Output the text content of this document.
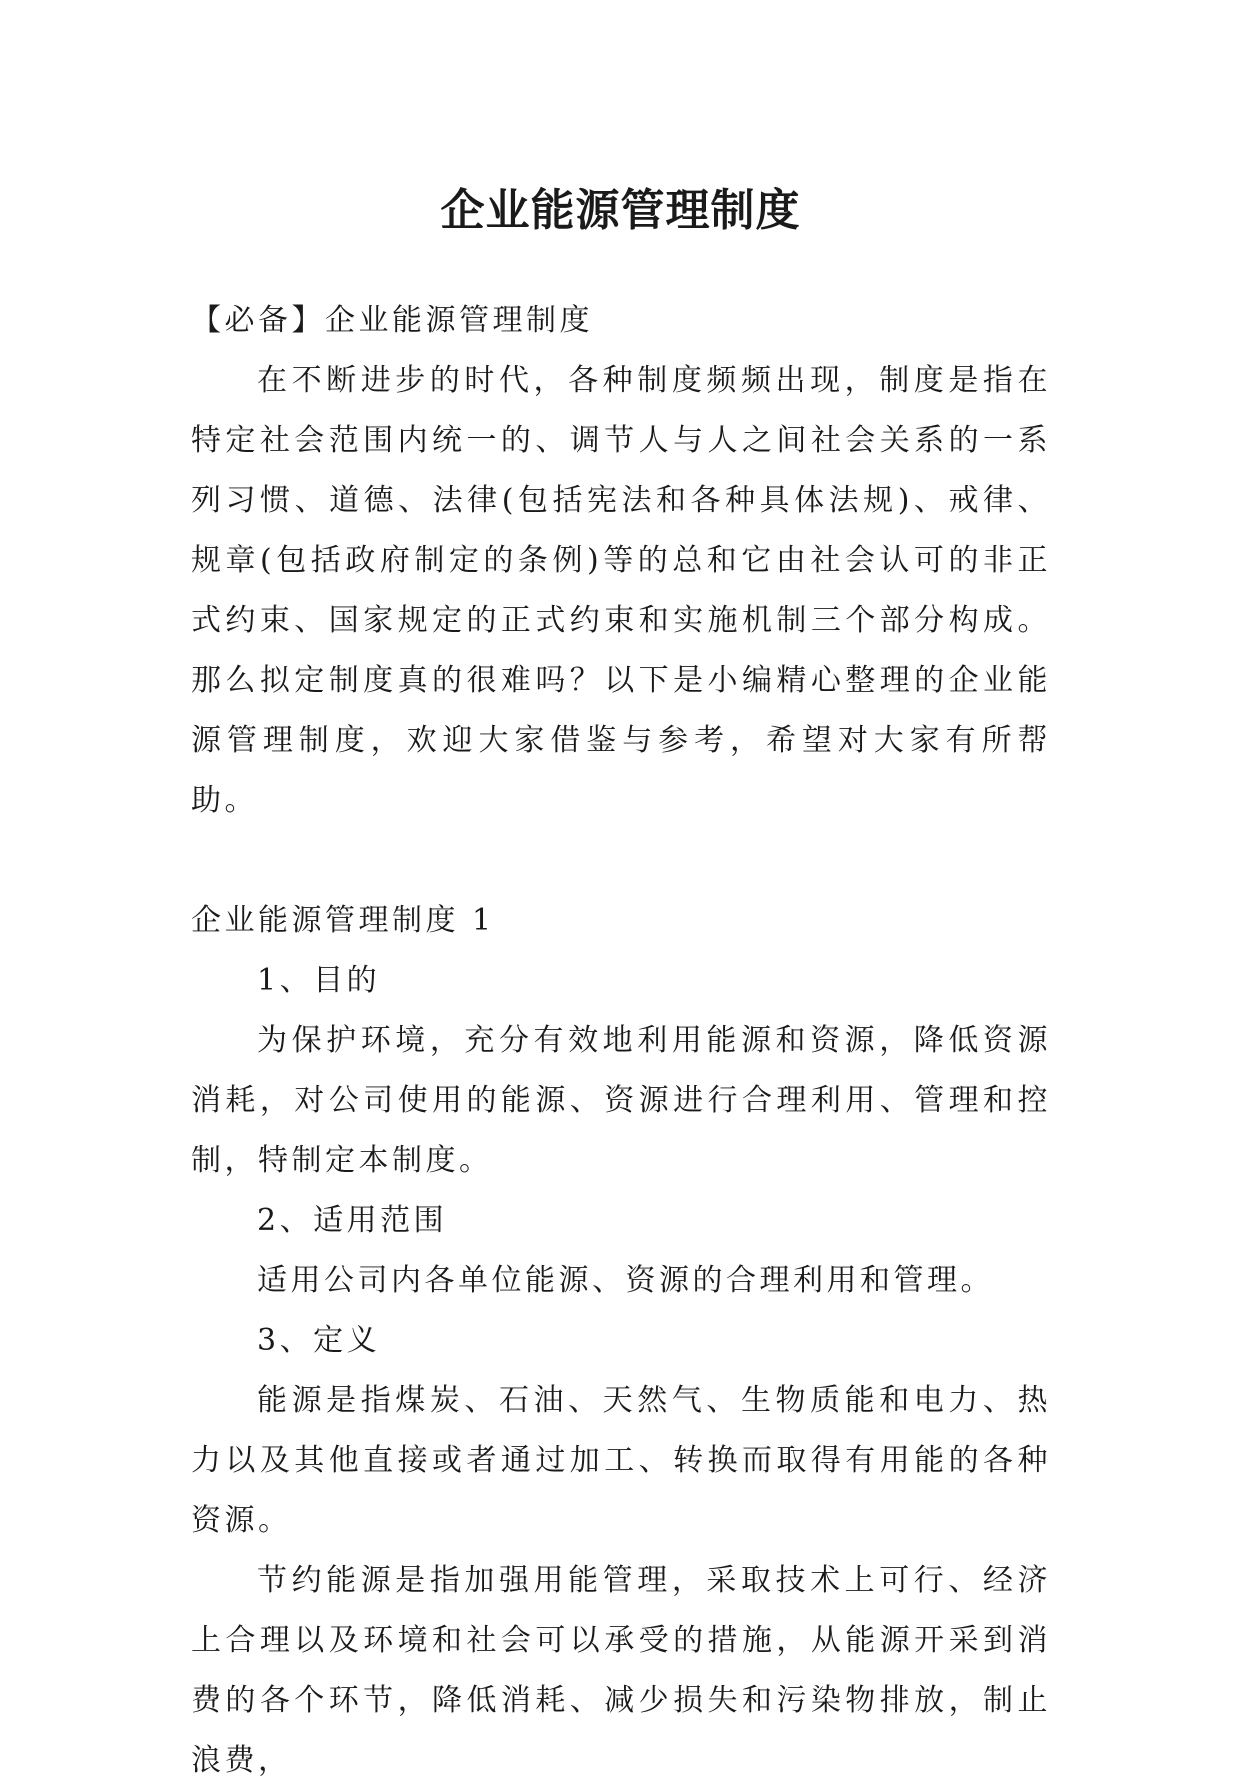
企业能源管理制度

【必备】企业能源管理制度

在不断进步的时代，各种制度频频出现，制度是指在特定社会范围内统一的、调节人与人之间社会关系的一系列习惯、道德、法律(包括宪法和各种具体法规)、戒律、规章(包括政府制定的条例)等的总和它由社会认可的非正式约束、国家规定的正式约束和实施机制三个部分构成。那么拟定制度真的很难吗？以下是小编精心整理的企业能源管理制度，欢迎大家借鉴与参考，希望对大家有所帮助。

企业能源管理制度 1

1、目的

为保护环境，充分有效地利用能源和资源，降低资源消耗，对公司使用的能源、资源进行合理利用、管理和控制，特制定本制度。

2、适用范围

适用公司内各单位能源、资源的合理利用和管理。

3、定义

能源是指煤炭、石油、天然气、生物质能和电力、热力以及其他直接或者通过加工、转换而取得有用能的各种资源。

节约能源是指加强用能管理，采取技术上可行、经济上合理以及环境和社会可以承受的措施，从能源开采到消费的各个环节，降低消耗、减少损失和污染物排放，制止浪费，
